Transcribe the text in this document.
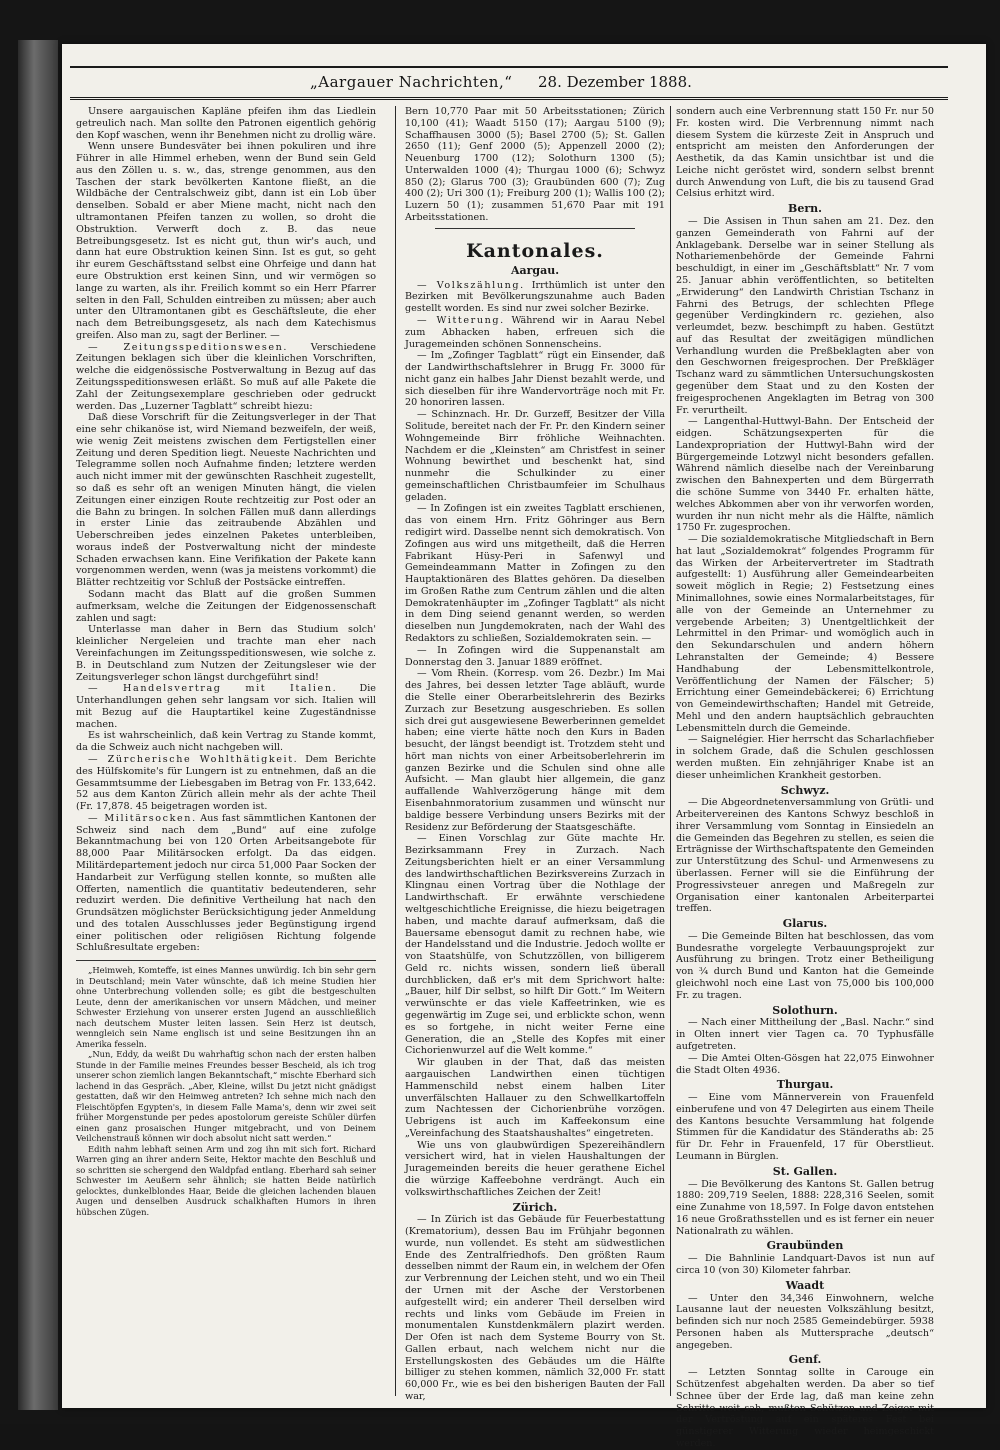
„Aargauer Nachrichten,“ 28. Dezember 1888.

Unsere aargauischen Kapläne pfeifen ihm das Liedlein getreulich nach. Man sollte den Patronen eigentlich gehörig den Kopf waschen, wenn ihr Benehmen nicht zu drollig wäre.

Wenn unsere Bundesväter bei ihnen pokuliren und ihre Führer in alle Himmel erheben, wenn der Bund sein Geld aus den Zöllen u. s. w., das, strenge genommen, aus den Taschen der stark bevölkerten Kantone fließt, an die Wildbäche der Centralschweiz gibt, dann ist ein Lob über denselben. Sobald er aber Miene macht, nicht nach den ultramontanen Pfeifen tanzen zu wollen, so droht die Obstruktion. Verwerft doch z. B. das neue Betreibungsgesetz. Ist es nicht gut, thun wir's auch, und dann hat eure Obstruktion keinen Sinn. Ist es gut, so geht ihr eurem Geschäftsstand selbst eine Ohrfeige und dann hat eure Obstruktion erst keinen Sinn, und wir vermögen so lange zu warten, als ihr. Freilich kommt so ein Herr Pfarrer selten in den Fall, Schulden eintreiben zu müssen; aber auch unter den Ultramontanen gibt es Geschäftsleute, die eher nach dem Betreibungsgesetz, als nach dem Katechismus greifen. Also man zu, sagt der Berliner. —

— Zeitungsspeditionswesen. Verschiedene Zeitungen beklagen sich über die kleinlichen Vorschriften, welche die eidgenössische Postverwaltung in Bezug auf das Zeitungsspeditionswesen erläßt. So muß auf alle Pakete die Zahl der Zeitungsexemplare geschrieben oder gedruckt werden. Das „Luzerner Tagblatt“ schreibt hiezu:

Daß diese Vorschrift für die Zeitungsverleger in der That eine sehr chikanöse ist, wird Niemand bezweifeln, der weiß, wie wenig Zeit meistens zwischen dem Fertigstellen einer Zeitung und deren Spedition liegt. Neueste Nachrichten und Telegramme sollen noch Aufnahme finden; letztere werden auch nicht immer mit der gewünschten Raschheit zugestellt, so daß es sehr oft an wenigen Minuten hängt, die vielen Zeitungen einer einzigen Route rechtzeitig zur Post oder an die Bahn zu bringen. In solchen Fällen muß dann allerdings in erster Linie das zeitraubende Abzählen und Ueberschreiben jedes einzelnen Paketes unterbleiben, woraus indeß der Postverwaltung nicht der mindeste Schaden erwachsen kann. Eine Verifikation der Pakete kann vorgenommen werden, wenn (was ja meistens vorkommt) die Blätter rechtzeitig vor Schluß der Postsäcke eintreffen.

Sodann macht das Blatt auf die großen Summen aufmerksam, welche die Zeitungen der Eidgenossenschaft zahlen und sagt:

Unterlasse man daher in Bern das Studium solch' kleinlicher Nergeleien und trachte man eher nach Vereinfachungen im Zeitungsspeditionswesen, wie solche z. B. in Deutschland zum Nutzen der Zeitungsleser wie der Zeitungsverleger schon längst durchgeführt sind!

— Handelsvertrag mit Italien. Die Unterhandlungen gehen sehr langsam vor sich. Italien will mit Bezug auf die Hauptartikel keine Zugeständnisse machen.

Es ist wahrscheinlich, daß kein Vertrag zu Stande kommt, da die Schweiz auch nicht nachgeben will.

— Zürcherische Wohlthätigkeit. Dem Berichte des Hülfskomite's für Lungern ist zu entnehmen, daß an die Gesammtsumme der Liebesgaben im Betrag von Fr. 133,642. 52 aus dem Kanton Zürich allein mehr als der achte Theil (Fr. 17,878. 45 beigetragen worden ist.

— Militärsocken. Aus fast sämmtlichen Kantonen der Schweiz sind nach dem „Bund“ auf eine zufolge Bekanntmachung bei von 120 Orten Arbeitsangebote für 88,000 Paar Militärsocken erfolgt. Da das eidgen. Militärdepartement jedoch nur circa 51,000 Paar Socken der Handarbeit zur Verfügung stellen konnte, so mußten alle Offerten, namentlich die quantitativ bedeutenderen, sehr reduzirt werden. Die definitive Vertheilung hat nach den Grundsätzen möglichster Berücksichtigung jeder Anmeldung und des totalen Ausschlusses jeder Begünstigung irgend einer politischen oder religiösen Richtung folgende Schlußresultate ergeben:

„Heimweh, Komteffe, ist eines Mannes unwürdig. Ich bin sehr gern in Deutschland; mein Vater wünschte, daß ich meine Studien hier ohne Unterbrechung vollenden solle; es gibt die bestgeschulten Leute, denn der amerikanischen vor unsern Mädchen, und meiner Schwester Erziehung von unserer ersten Jugend an ausschließlich nach deutschem Muster leiten lassen. Sein Herz ist deutsch, wenngleich sein Name englisch ist und seine Besitzungen ihn an Amerika fesseln.

„Nun, Eddy, da weißt Du wahrhaftig schon nach der ersten halben Stunde in der Familie meines Freundes besser Bescheid, als ich trog unserer schon ziemlich langen Bekanntschaft,“ mischte Eberhard sich lachend in das Gespräch. „Aber, Kleine, willst Du jetzt nicht gnädigst gestatten, daß wir den Heimweg antreten? Ich sehne mich nach den Fleischtöpfen Egypten's, in diesem Falle Mama's, denn wir zwei seit früher Morgenstunde per pedes apostolorum gereiste Schüler dürfen einen ganz prosaischen Hunger mitgebracht, und von Deinem Veilchenstrauß können wir doch absolut nicht satt werden.“

Edith nahm lebhaft seinen Arm und zog ihn mit sich fort. Richard Warren ging an ihrer andern Seite, Hektor machte den Beschluß und so schritten sie schergend den Waldpfad entlang. Eberhard sah seiner Schwester im Aeußern sehr ähnlich; sie hatten Beide natürlich gelocktes, dunkelblondes Haar, Beide die gleichen lachenden blauen Augen und denselben Ausdruck schalkhaften Humors in ihren hübschen Zügen.

Bern 10,770 Paar mit 50 Arbeitsstationen; Zürich 10,100 (41); Waadt 5150 (17); Aargau 5100 (9); Schaffhausen 3000 (5); Basel 2700 (5); St. Gallen 2650 (11); Genf 2000 (5); Appenzell 2000 (2); Neuenburg 1700 (12); Solothurn 1300 (5); Unterwalden 1000 (4); Thurgau 1000 (6); Schwyz 850 (2); Glarus 700 (3); Graubünden 600 (7); Zug 400 (2); Uri 300 (1); Freiburg 200 (1); Wallis 100 (2); Luzern 50 (1); zusammen 51,670 Paar mit 191 Arbeitsstationen.

Kantonales.
Aargau.

— Volkszählung. Irrthümlich ist unter den Bezirken mit Bevölkerungszunahme auch Baden gestellt worden. Es sind nur zwei solcher Bezirke.

— Witterung. Während wir in Aarau Nebel zum Abhacken haben, erfreuen sich die Juragemeinden schönen Sonnenscheins.

— Im „Zofinger Tagblatt“ rügt ein Einsender, daß der Landwirthschaftslehrer in Brugg Fr. 3000 für nicht ganz ein halbes Jahr Dienst bezahlt werde, und sich dieselben für ihre Wandervorträge noch mit Fr. 20 honoriren lassen.

— Schinznach. Hr. Dr. Gurzeff, Besitzer der Villa Solitude, bereitet nach der Fr. Pr. den Kindern seiner Wohngemeinde Birr fröhliche Weihnachten. Nachdem er die „Kleinsten“ am Christfest in seiner Wohnung bewirthet und beschenkt hat, sind nunmehr die Schulkinder zu einer gemeinschaftlichen Christbaumfeier im Schulhaus geladen.

— In Zofingen ist ein zweites Tagblatt erschienen, das von einem Hrn. Fritz Göhringer aus Bern redigirt wird. Dasselbe nennt sich demokratisch. Von Zofingen aus wird uns mitgetheilt, daß die Herren Fabrikant Hüsy-Peri in Safenwyl und Gemeindeammann Matter in Zofingen zu den Hauptaktionären des Blattes gehören. Da dieselben im Großen Rathe zum Centrum zählen und die alten Demokratenhäupter im „Zofinger Tagblatt“ als nicht in dem Ding seiend genannt werden, so werden dieselben nun Jungdemokraten, nach der Wahl des Redaktors zu schließen, Sozialdemokraten sein. —

— In Zofingen wird die Suppenanstalt am Donnerstag den 3. Januar 1889 eröffnet.

— Vom Rhein. (Korresp. vom 26. Dezbr.) Im Mai des Jahres, bei dessen letzter Tage abläuft, wurde die Stelle einer Oberarbeitslehrerin des Bezirks Zurzach zur Besetzung ausgeschrieben. Es sollen sich drei gut ausgewiesene Bewerberinnen gemeldet haben; eine vierte hätte noch den Kurs in Baden besucht, der längst beendigt ist. Trotzdem steht und hört man nichts von einer Arbeitsoberlehrerin im ganzen Bezirke und die Schulen sind ohne alle Aufsicht. — Man glaubt hier allgemein, die ganz auffallende Wahlverzögerung hänge mit dem Eisenbahnmoratorium zusammen und wünscht nur baldige bessere Verbindung unsers Bezirks mit der Residenz zur Beförderung der Staatsgeschäfte.

— Einen Vorschlag zur Güte machte Hr. Bezirksammann Frey in Zurzach. Nach Zeitungsberichten hielt er an einer Versammlung des landwirthschaftlichen Bezirksvereins Zurzach in Klingnau einen Vortrag über die Nothlage der Landwirthschaft. Er erwähnte verschiedene weltgeschichtliche Ereignisse, die hiezu beigetragen haben, und machte darauf aufmerksam, daß die Bauersame ebensogut damit zu rechnen habe, wie der Handelsstand und die Industrie. Jedoch wollte er von Staatshülfe, von Schutzzöllen, von billigerem Geld rc. nichts wissen, sondern ließ überall durchblicken, daß er's mit dem Sprichwort halte: „Bauer, hilf Dir selbst, so hilft Dir Gott.“ Im Weitern verwünschte er das viele Kaffeetrinken, wie es gegenwärtig im Zuge sei, und erblickte schon, wenn es so fortgehe, in nicht weiter Ferne eine Generation, die an „Stelle des Kopfes mit einer Cichorienwurzel auf die Welt komme.“

Wir glauben in der That, daß das meisten aargauischen Landwirthen einen tüchtigen Hammenschild nebst einem halben Liter unverfälschten Hallauer zu den Schwellkartoffeln zum Nachtessen der Cichorienbrühe vorzögen. Uebrigens ist auch im Kaffeekonsum eine „Vereinfachung des Staatshaushaltes“ eingetreten.

Wie uns von glaubwürdigen Spezereihändlern versichert wird, hat in vielen Haushaltungen der Juragemeinden bereits die heuer gerathene Eichel die würzige Kaffeebohne verdrängt. Auch ein volkswirthschaftliches Zeichen der Zeit!

Zürich.

— In Zürich ist das Gebäude für Feuerbestattung (Krematorium), dessen Bau im Frühjahr begonnen wurde, nun vollendet. Es steht am südwestlichen Ende des Zentralfriedhofs. Den größten Raum desselben nimmt der Raum ein, in welchem der Ofen zur Verbrennung der Leichen steht, und wo ein Theil der Urnen mit der Asche der Verstorbenen aufgestellt wird; ein anderer Theil derselben wird rechts und links vom Gebäude im Freien in monumentalen Kunstdenkmälern plazirt werden. Der Ofen ist nach dem Systeme Bourry von St. Gallen erbaut, nach welchem nicht nur die Erstellungskosten des Gebäudes um die Hälfte billiger zu stehen kommen, nämlich 32,000 Fr. statt 60,000 Fr., wie es bei den bisherigen Bauten der Fall war,

sondern auch eine Verbrennung statt 150 Fr. nur 50 Fr. kosten wird. Die Verbrennung nimmt nach diesem System die kürzeste Zeit in Anspruch und entspricht am meisten den Anforderungen der Aesthetik, da das Kamin unsichtbar ist und die Leiche nicht geröstet wird, sondern selbst brennt durch Anwendung von Luft, die bis zu tausend Grad Celsius erhitzt wird.

Bern.

— Die Assisen in Thun sahen am 21. Dez. den ganzen Gemeinderath von Fahrni auf der Anklagebank. Derselbe war in seiner Stellung als Nothariemenbehörde der Gemeinde Fahrni beschuldigt, in einer im „Geschäftsblatt“ Nr. 7 vom 25. Januar abhin veröffentlichten, so betitelten „Erwiderung“ den Landwirth Christian Tschanz in Fahrni des Betrugs, der schlechten Pflege gegenüber Verdingkindern rc. geziehen, also verleumdet, bezw. beschimpft zu haben. Gestützt auf das Resultat der zweitägigen mündlichen Verhandlung wurden die Preßbeklagten aber von den Geschwornen freigesprochen. Der Preßkläger Tschanz ward zu sämmtlichen Untersuchungskosten gegenüber dem Staat und zu den Kosten der freigesprochenen Angeklagten im Betrag von 300 Fr. verurtheilt.

— Langenthal-Huttwyl-Bahn. Der Entscheid der eidgen. Schätzungsexperten für die Landexpropriation der Huttwyl-Bahn wird der Bürgergemeinde Lotzwyl nicht besonders gefallen. Während nämlich dieselbe nach der Vereinbarung zwischen den Bahnexperten und dem Bürgerrath die schöne Summe von 3440 Fr. erhalten hätte, welches Abkommen aber von ihr verworfen worden, wurden ihr nun nicht mehr als die Hälfte, nämlich 1750 Fr. zugesprochen.

— Die sozialdemokratische Mitgliedschaft in Bern hat laut „Sozialdemokrat“ folgendes Programm für das Wirken der Arbeitervertreter im Stadtrath aufgestellt: 1) Ausführung aller Gemeindearbeiten soweit möglich in Regie; 2) Festsetzung eines Minimallohnes, sowie eines Normalarbeitstages, für alle von der Gemeinde an Unternehmer zu vergebende Arbeiten; 3) Unentgeltlichkeit der Lehrmittel in den Primar- und womöglich auch in den Sekundarschulen und andern höhern Lehranstalten der Gemeinde; 4) Bessere Handhabung der Lebensmittelkontrole, Veröffentlichung der Namen der Fälscher; 5) Errichtung einer Gemeindebäckerei; 6) Errichtung von Gemeindewirthschaften; Handel mit Getreide, Mehl und den andern hauptsächlich gebrauchten Lebensmitteln durch die Gemeinde.

— Saignelégier. Hier herrscht das Scharlachfieber in solchem Grade, daß die Schulen geschlossen werden mußten. Ein zehnjähriger Knabe ist an dieser unheimlichen Krankheit gestorben.

Schwyz.

— Die Abgeordnetenversammlung von Grütli- und Arbeitervereinen des Kantons Schwyz beschloß in ihrer Versammlung vom Sonntag in Einsiedeln an die Gemeinden das Begehren zu stellen, es seien die Erträgnisse der Wirthschaftspatente den Gemeinden zur Unterstützung des Schul- und Armenwesens zu überlassen. Ferner will sie die Einführung der Progressivsteuer anregen und Maßregeln zur Organisation einer kantonalen Arbeiterpartei treffen.

Glarus.

— Die Gemeinde Bilten hat beschlossen, das vom Bundesrathe vorgelegte Verbauungsprojekt zur Ausführung zu bringen. Trotz einer Betheiligung von ¾ durch Bund und Kanton hat die Gemeinde gleichwohl noch eine Last von 75,000 bis 100,000 Fr. zu tragen.

Solothurn.

— Nach einer Mittheilung der „Basl. Nachr.“ sind in Olten innert vier Tagen ca. 70 Typhusfälle aufgetreten.

— Die Amtei Olten-Gösgen hat 22,075 Einwohner die Stadt Olten 4936.

Thurgau.

— Eine vom Männerverein von Frauenfeld einberufene und von 47 Delegirten aus einem Theile des Kantons besuchte Versammlung hat folgende Stimmen für die Kandidatur des Ständeraths ab: 25 für Dr. Fehr in Frauenfeld, 17 für Oberstlieut. Leumann in Bürglen.

St. Gallen.

— Die Bevölkerung des Kantons St. Gallen betrug 1880: 209,719 Seelen, 1888: 228,316 Seelen, somit eine Zunahme von 18,597. In Folge davon entstehen 16 neue Großrathsstellen und es ist ferner ein neuer Nationalrath zu wählen.

Graubünden

— Die Bahnlinie Landquart-Davos ist nun auf circa 10 (von 30) Kilometer fahrbar.

Waadt

— Unter den 34,346 Einwohnern, welche Lausanne laut der neuesten Volkszählung besitzt, befinden sich nur noch 2585 Gemeindebürger. 5938 Personen haben als Muttersprache „deutsch“ angegeben.

Genf.

— Letzten Sonntag sollte in Carouge ein Schützenfest abgehalten werden. Da aber so tief Schnee über der Erde lag, daß man keine zehn Schritte weit sah, mußten Schützen und Zeiger mit der Vertröstung auf ein späteres Fest bei günstigerer Witterung wieder heimgeschickt werden.
